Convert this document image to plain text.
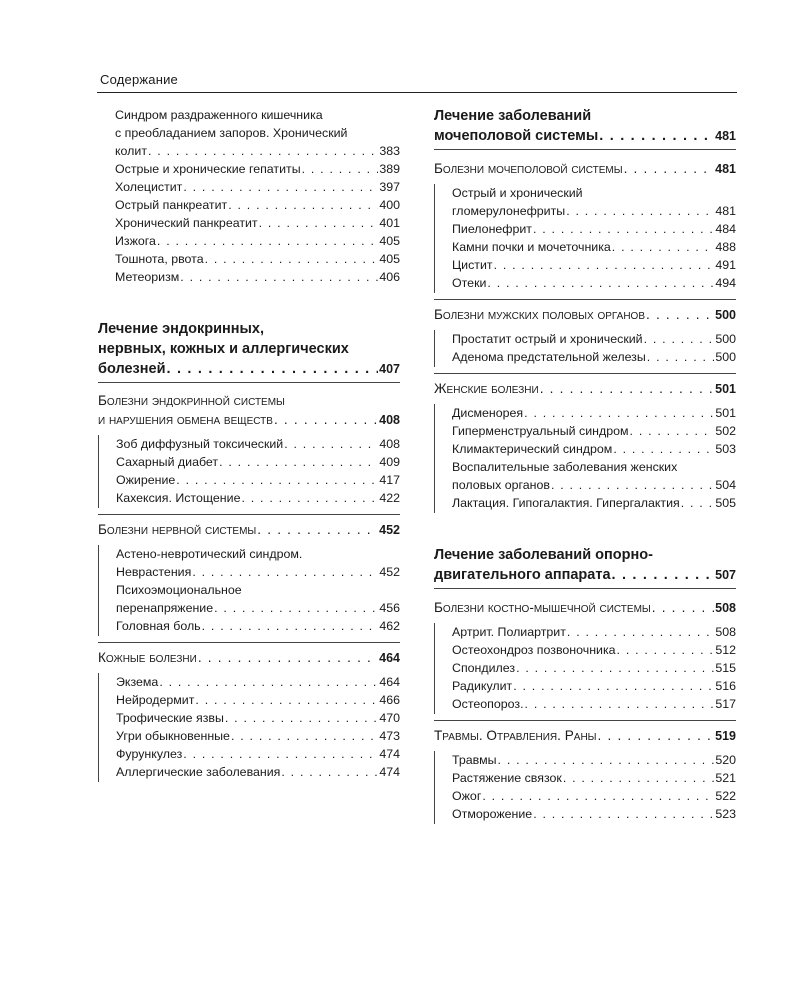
Содержание
Синдром раздраженного кишечника
с преобладанием запоров. Хронический
колит . . .	383
Острые и хронические гепатиты . . .	389
Холецистит . . .	397
Острый панкреатит . . .	400
Хронический панкреатит . . .	401
Изжога . . .	405
Тошнота, рвота . . .	405
Метеоризм . . .	406
Лечение эндокринных,
нервных, кожных и аллергических
болезней . . .	407
Болезни эндокринной системы
и нарушения обмена веществ . . .	408
Зоб диффузный токсический . . .	408
Сахарный диабет . . .	409
Ожирение . . .	417
Кахексия. Истощение . . .	422
Болезни нервной системы . . .	452
Астено-невротический синдром.
Неврастения . . .	452
Психоэмоциональное
перенапряжение . . .	456
Головная боль . . .	462
Кожные болезни . . .	464
Экзема . . .	464
Нейродермит . . .	466
Трофические язвы . . .	470
Угри обыкновенные . . .	473
Фурункулез . . .	474
Аллергические заболевания . . .	474
Лечение заболеваний
мочеполовой системы . . .	481
Болезни мочеполовой системы . . .	481
Острый и хронический
гломерулонефриты . . .	481
Пиелонефрит . . .	484
Камни почки и мочеточника . . .	488
Цистит . . .	491
Отеки . . .	494
Болезни мужских половых органов . . .	500
Простатит острый и хронический . . .	500
Аденома предстательной железы . . .	500
Женские болезни . . .	501
Дисменорея . . .	501
Гиперменструальный синдром . . .	502
Климактерический синдром . . .	503
Воспалительные заболевания женских
половых органов . . .	504
Лактация. Гипогалактия. Гипергалактия . . .	505
Лечение заболеваний опорно-
двигательного аппарата . . .	507
Болезни костно-мышечной системы . . .	508
Артрит. Полиартрит . . .	508
Остеохондроз позвоночника . . .	512
Спондилез . . .	515
Радикулит . . .	516
Остеопороз. . . .	517
Травмы. Отравления. Раны . . .	519
Травмы . . .	520
Растяжение связок . . .	521
Ожог . . .	522
Отморожение . . .	523
